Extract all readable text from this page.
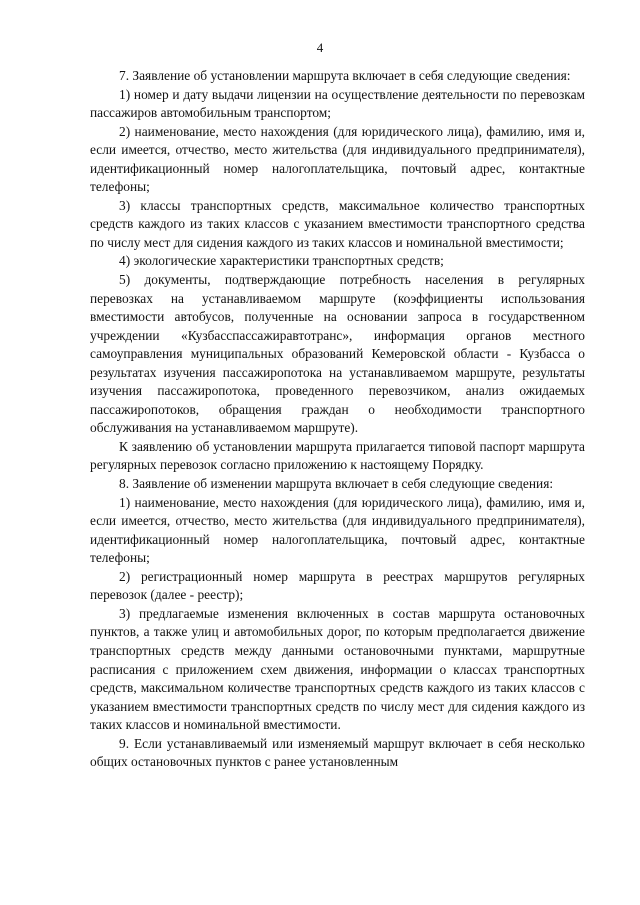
4

7. Заявление об установлении маршрута включает в себя следующие сведения:

1) номер и дату выдачи лицензии на осуществление деятельности по перевозкам пассажиров автомобильным транспортом;

2) наименование, место нахождения (для юридического лица), фамилию, имя и, если имеется, отчество, место жительства (для индивидуального предпринимателя), идентификационный номер налогоплательщика, почтовый адрес, контактные телефоны;

3) классы транспортных средств, максимальное количество транспортных средств каждого из таких классов с указанием вместимости транспортного средства по числу мест для сидения каждого из таких классов и номинальной вместимости;

4) экологические характеристики транспортных средств;

5) документы, подтверждающие потребность населения в регулярных перевозках на устанавливаемом маршруте (коэффициенты использования вместимости автобусов, полученные на основании запроса в государственном учреждении «Кузбасспассажиравтотранс», информация органов местного самоуправления муниципальных образований Кемеровской области - Кузбасса о результатах изучения пассажиропотока на устанавливаемом маршруте, результаты изучения пассажиропотока, проведенного перевозчиком, анализ ожидаемых пассажиропотоков, обращения граждан о необходимости транспортного обслуживания на устанавливаемом маршруте).

К заявлению об установлении маршрута прилагается типовой паспорт маршрута регулярных перевозок согласно приложению к настоящему Порядку.

8. Заявление об изменении маршрута включает в себя следующие сведения:

1) наименование, место нахождения (для юридического лица), фамилию, имя и, если имеется, отчество, место жительства (для индивидуального предпринимателя), идентификационный номер налогоплательщика, почтовый адрес, контактные телефоны;

2) регистрационный номер маршрута в реестрах маршрутов регулярных перевозок (далее - реестр);

3) предлагаемые изменения включенных в состав маршрута остановочных пунктов, а также улиц и автомобильных дорог, по которым предполагается движение транспортных средств между данными остановочными пунктами, маршрутные расписания с приложением схем движения, информации о классах транспортных средств, максимальном количестве транспортных средств каждого из таких классов с указанием вместимости транспортных средств по числу мест для сидения каждого из таких классов и номинальной вместимости.

9. Если устанавливаемый или изменяемый маршрут включает в себя несколько общих остановочных пунктов с ранее установленным
